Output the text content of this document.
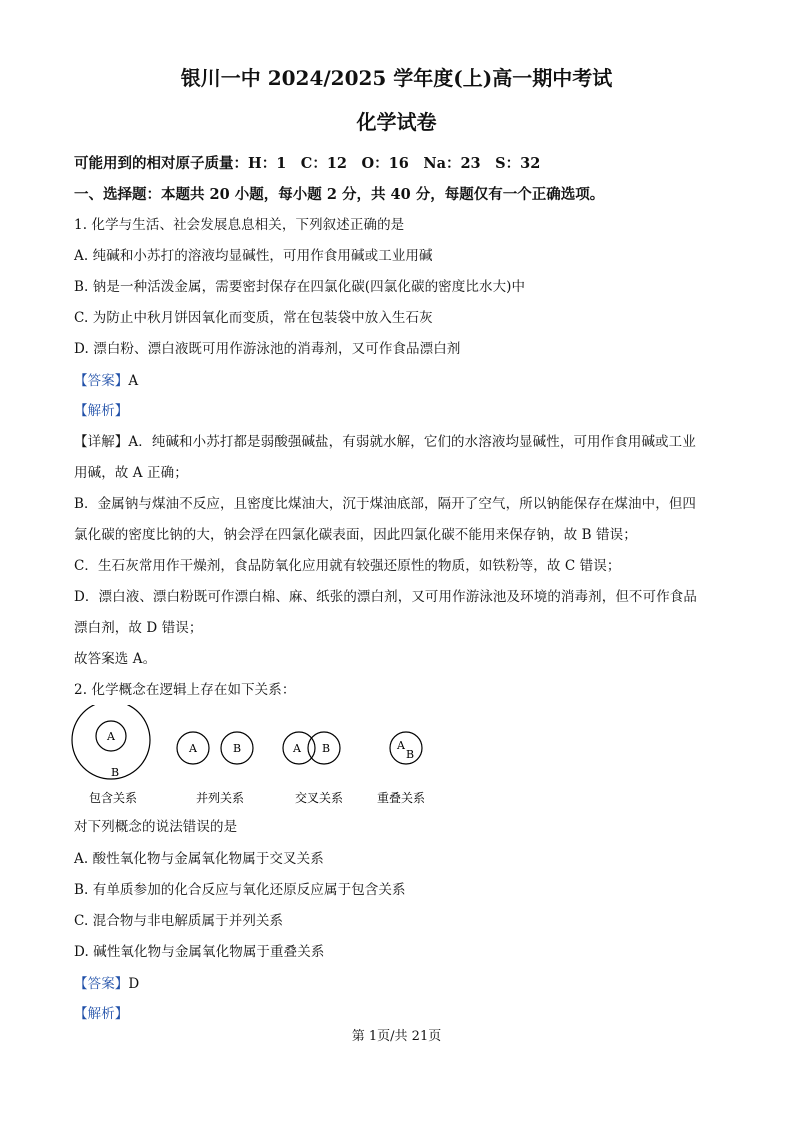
银川一中 2024/2025 学年度(上)高一期中考试
化学试卷
可能用到的相对原子质量：H：1　C：12　O：16　Na：23　S：32
一、选择题：本题共 20 小题，每小题 2 分，共 40 分，每题仅有一个正确选项。
1. 化学与生活、社会发展息息相关，下列叙述正确的是
A. 纯碱和小苏打的溶液均显碱性，可用作食用碱或工业用碱
B. 钠是一种活泼金属，需要密封保存在四氯化碳(四氯化碳的密度比水大)中
C. 为防止中秋月饼因氧化而变质，常在包装袋中放入生石灰
D. 漂白粉、漂白液既可用作游泳池的消毒剂，又可作食品漂白剂
【答案】A
【解析】
【详解】A．纯碱和小苏打都是弱酸强碱盐，有弱就水解，它们的水溶液均显碱性，可用作食用碱或工业
用碱，故 A 正确；
B．金属钠与煤油不反应，且密度比煤油大，沉于煤油底部，隔开了空气，所以钠能保存在煤油中，但四
氯化碳的密度比钠的大，钠会浮在四氯化碳表面，因此四氯化碳不能用来保存钠，故 B 错误；
C．生石灰常用作干燥剂，食品防氧化应用就有较强还原性的物质，如铁粉等，故 C 错误；
D．漂白液、漂白粉既可作漂白棉、麻、纸张的漂白剂，又可用作游泳池及环境的消毒剂，但不可作食品
漂白剂，故 D 错误；
故答案选 A。
2. 化学概念在逻辑上存在如下关系：
A
B
A	B	A B	A
B
包含关系	并列关系	交叉关系	重叠关系
对下列概念的说法错误的是
A. 酸性氧化物与金属氧化物属于交叉关系
B. 有单质参加的化合反应与氧化还原反应属于包含关系
C. 混合物与非电解质属于并列关系
D. 碱性氧化物与金属氧化物属于重叠关系
【答案】D
【解析】
第 1页/共 21页
